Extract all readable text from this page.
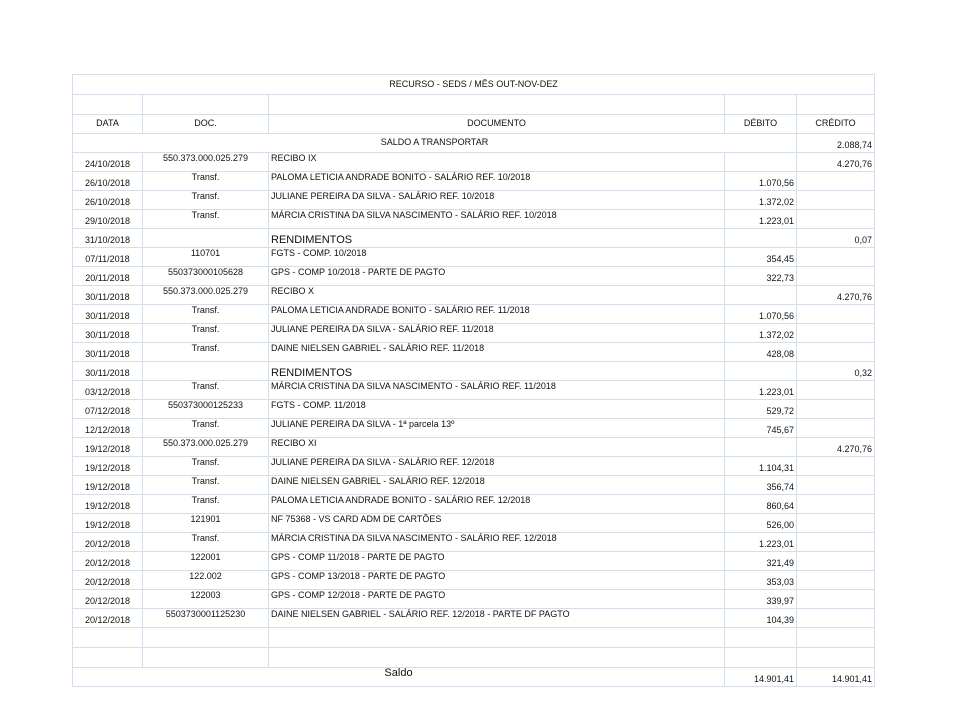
RECURSO - SEDS / MÊS OUT-NOV-DEZ				

DATA	DOC.	DOCUMENTO	DÉBITO	CRÉDITO
SALDO A TRANSPORTAR				2.088,74
24/10/2018	550.373.000.025.279	RECIBO IX		4.270,76
26/10/2018	Transf.	PALOMA LETICIA ANDRADE BONITO - SALÁRIO REF. 10/2018	1.070,56	
26/10/2018	Transf.	JULIANE PEREIRA DA SILVA - SALÁRIO REF. 10/2018	1.372,02	
29/10/2018	Transf.	MÁRCIA CRISTINA DA SILVA NASCIMENTO - SALÁRIO REF. 10/2018	1.223,01	
31/10/2018		RENDIMENTOS		0,07
07/11/2018	110701	FGTS - COMP. 10/2018	354,45	
20/11/2018	550373000105628	GPS - COMP 10/2018 - PARTE DE PAGTO	322,73	
30/11/2018	550.373.000.025.279	RECIBO X		4.270,76
30/11/2018	Transf.	PALOMA LETICIA ANDRADE BONITO - SALÁRIO REF. 11/2018	1.070,56	
30/11/2018	Transf.	JULIANE PEREIRA DA SILVA - SALÁRIO REF. 11/2018	1.372,02	
30/11/2018	Transf.	DAINE NIELSEN GABRIEL - SALÁRIO REF. 11/2018	428,08	
30/11/2018		RENDIMENTOS		0,32
03/12/2018	Transf.	MÁRCIA CRISTINA DA SILVA NASCIMENTO - SALÁRIO REF. 11/2018	1.223,01	
07/12/2018	550373000125233	FGTS - COMP. 11/2018	529,72	
12/12/2018	Transf.	JULIANE PEREIRA DA SILVA - 1ª parcela 13º	745,67	
19/12/2018	550.373.000.025.279	RECIBO XI		4.270,76
19/12/2018	Transf.	JULIANE PEREIRA DA SILVA - SALÁRIO REF. 12/2018	1.104,31	
19/12/2018	Transf.	DAINE NIELSEN GABRIEL - SALÁRIO REF. 12/2018	356,74	
19/12/2018	Transf.	PALOMA LETICIA ANDRADE BONITO - SALÁRIO REF. 12/2018	860,64	
19/12/2018	121901	NF 75368 - VS CARD ADM DE CARTÕES	526,00	
20/12/2018	Transf.	MÁRCIA CRISTINA DA SILVA NASCIMENTO - SALÁRIO REF. 12/2018	1.223,01	
20/12/2018	122001	GPS - COMP 11/2018 - PARTE DE PAGTO	321,49	
20/12/2018	122.002	GPS - COMP 13/2018 - PARTE DE PAGTO	353,03	
20/12/2018	122003	GPS - COMP 12/2018 - PARTE DE PAGTO	339,97	
20/12/2018	5503730001125230	DAINE NIELSEN GABRIEL - SALÁRIO REF. 12/2018 - PARTE DF PAGTO	104,39	

Saldo			14.901,41	14.901,41
